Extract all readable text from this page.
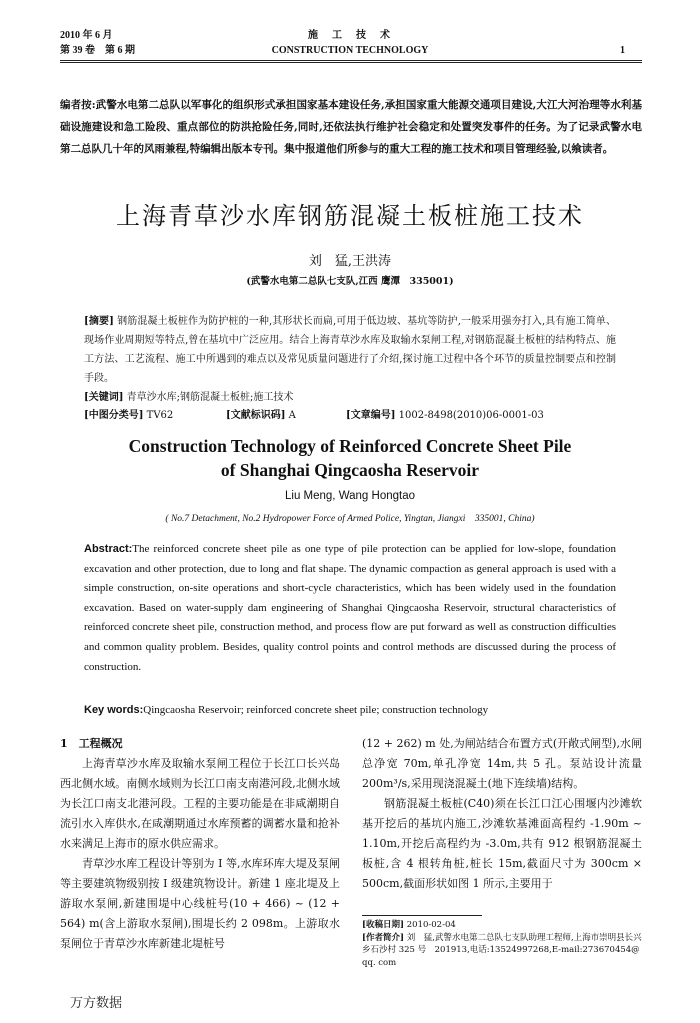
2010 年 6 月
第 39 卷　第 6 期
施　工　技　术
CONSTRUCTION TECHNOLOGY	1
编者按:武警水电第二总队以军事化的组织形式承担国家基本建设任务,承担国家重大能源交通项目建设,大江大河治理等水利基础设施建设和急工险段、重点部位的防洪抢险任务,同时,还依法执行维护社会稳定和处置突发事件的任务。为了记录武警水电第二总队几十年的风雨兼程,特编辑出版本专刊。集中报道他们所参与的重大工程的施工技术和项目管理经验,以飨读者。
上海青草沙水库钢筋混凝土板桩施工技术
刘　猛,王洪涛
(武警水电第二总队七支队,江西 鹰潭　335001)
[摘要] 钢筋混凝土板桩作为防护桩的一种,其形状长而扁,可用于低边坡、基坑等防护,一般采用强夯打入,具有施工简单、现场作业周期短等特点,曾在基坑中广泛应用。结合上海青草沙水库及取输水泵闸工程,对钢筋混凝土板桩的结构特点、施工方法、工艺流程、施工中所遇到的难点以及常见质量问题进行了介绍,探讨施工过程中各个环节的质量控制要点和控制手段。
[关键词] 青草沙水库;钢筋混凝土板桩;施工技术
[中图分类号] TV62	[文献标识码] A	[文章编号] 1002-8498(2010)06-0001-03
Construction Technology of Reinforced Concrete Sheet Pile
of Shanghai Qingcaosha Reservoir
Liu Meng, Wang Hongtao
( No.7 Detachment, No.2 Hydropower Force of Armed Police, Yingtan, Jiangxi　335001, China)
Abstract:The reinforced concrete sheet pile as one type of pile protection can be applied for low-slope, foundation excavation and other protection, due to long and flat shape. The dynamic compaction as general approach is used with a simple construction, on-site operations and short-cycle characteristics, which has been widely used in the foundation excavation. Based on water-supply dam engineering of Shanghai Qingcaosha Reservoir, structural characteristics of reinforced concrete sheet pile, construction method, and process flow are put forward as well as construction difficulties and common quality problem. Besides, quality control points and control methods are discussed during the process of construction.
Key words:Qingcaosha Reservoir; reinforced concrete sheet pile; construction technology

1　工程概况

上海青草沙水库及取输水泵闸工程位于长江口长兴岛西北侧水域。南侧水域则为长江口南支南港河段,北侧水域为长江口南支北港河段。工程的主要功能是在非咸潮期自流引水入库供水,在咸潮期通过水库预蓄的调蓄水量和抢补水来满足上海市的原水供应需求。

青草沙水库工程设计等别为 I 等,水库环库大堤及泵闸等主要建筑物级别按 I 级建筑物设计。新建 1 座北堤及上游取水泵闸,新建围堤中心线桩号(10 + 466) ~ (12 + 564) m(含上游取水泵闸),围堤长约 2 098m。上游取水泵闸位于青草沙水库新建北堤桩号

(12 + 262) m 处,为闸站结合布置方式(开敞式闸型),水闸总净宽 70m,单孔净宽 14m,共 5 孔。泵站设计流量 200m³/s,采用现浇混凝土(地下连续墙)结构。

钢筋混凝土板桩(C40)须在长江口江心围堰内沙滩软基开挖后的基坑内施工,沙滩软基滩面高程约 -1.90m ~ 1.10m,开挖后高程约为 -3.0m,共有 912 根钢筋混凝土板桩,含 4 根转角桩,桩长 15m,截面尺寸为 300cm × 500cm,截面形状如图 1 所示,主要用于

[收稿日期] 2010-02-04
[作者简介] 刘　猛,武警水电第二总队七支队助理工程师,上海市崇明县长兴乡石沙村 325 号　201913,电话:13524997268,E-mail:273670454@ qq. com
万方数据
